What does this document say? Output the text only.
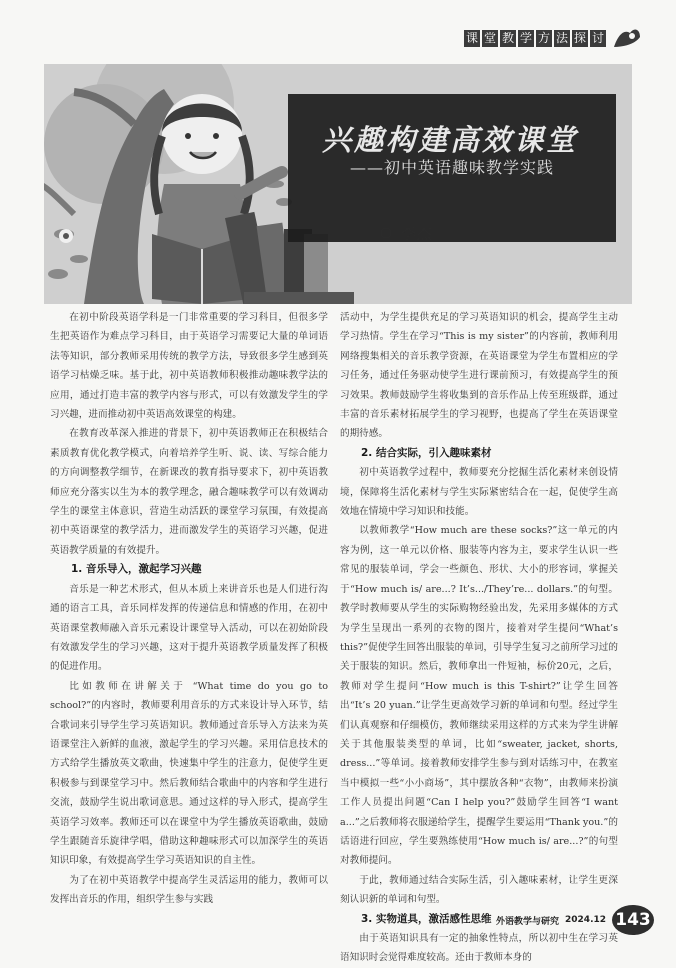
课 堂 教 学 方 法 探 讨
兴趣构建高效课堂
——初中英语趣味教学实践
李杰

在初中阶段英语学科是一门非常重要的学习科目，但很多学生把英语作为难点学习科目，由于英语学习需要记大量的单词语法等知识，部分教师采用传统的教学方法，导致很多学生感到英语学习枯燥乏味。基于此，初中英语教师积极推动趣味教学法的应用，通过打造丰富的教学内容与形式，可以有效激发学生的学习兴趣，进而推动初中英语高效课堂的构建。

在教育改革深入推进的背景下，初中英语教师正在积极结合素质教育优化教学模式，向着培养学生听、说、读、写综合能力的方向调整教学细节，在新课改的教育指导要求下，初中英语教师应充分落实以生为本的教学理念，融合趣味教学可以有效调动学生的课堂主体意识，营造生动活跃的课堂学习氛围，有效提高初中英语课堂的教学活力，进而激发学生的英语学习兴趣，促进英语教学质量的有效提升。

1. 音乐导入，激起学习兴趣

音乐是一种艺术形式，但从本质上来讲音乐也是人们进行沟通的语言工具，音乐同样发挥的传递信息和情感的作用，在初中英语课堂教师融入音乐元素设计课堂导入活动，可以在初始阶段有效激发学生的学习兴趣，这对于提升英语教学质量发挥了积极的促进作用。

比如教师在讲解关于 “What time do you go to school?”的内容时，教师要利用音乐的方式来设计导入环节，结合歌词来引导学生学习英语知识。教师通过音乐导入方法来为英语课堂注入新鲜的血液，激起学生的学习兴趣。采用信息技术的方式给学生播放英文歌曲，快速集中学生的注意力，促使学生更积极参与到课堂学习中。然后教师结合歌曲中的内容和学生进行交流，鼓励学生说出歌词意思。通过这样的导入形式，提高学生英语学习效率。教师还可以在课堂中为学生播放英语歌曲，鼓励学生跟随音乐旋律学唱，借助这种趣味形式可以加深学生的英语知识印象，有效提高学生学习英语知识的自主性。

为了在初中英语教学中提高学生灵活运用的能力，教师可以发挥出音乐的作用，组织学生参与实践

活动中，为学生提供充足的学习英语知识的机会，提高学生主动学习热情。学生在学习“This is my sister”的内容前，教师利用网络搜集相关的音乐教学资源，在英语课堂为学生布置相应的学习任务，通过任务驱动使学生进行课前预习，有效提高学生的预习效果。教师鼓励学生将收集到的音乐作品上传至班级群，通过丰富的音乐素材拓展学生的学习视野，也提高了学生在英语课堂的期待感。

2. 结合实际，引入趣味素材

初中英语教学过程中，教师要充分挖掘生活化素材来创设情境，保障将生活化素材与学生实际紧密结合在一起，促使学生高效地在情境中学习知识和技能。

以教师教学“How much are these socks?”这一单元的内容为例，这一单元以价格、服装等内容为主，要求学生认识一些常见的服装单词，学会一些颜色、形状、大小的形容词，掌握关于“How much is/ are...? It’s.../They’re... dollars.”的句型。教学时教师要从学生的实际购物经验出发，先采用多媒体的方式为学生呈现出一系列的衣物的图片，接着对学生提问“What’s this?”促使学生回答出服装的单词，引导学生复习之前所学习过的关于服装的知识。然后，教师拿出一件短袖，标价20元，之后，教师对学生提问“How much is this T-shirt?”让学生回答出“It’s 20 yuan.”让学生更高效学习新的单词和句型。经过学生们认真观察和仔细模仿，教师继续采用这样的方式来为学生讲解关于其他服装类型的单词，比如“sweater, jacket, shorts, dress...”等单词。接着教师安排学生参与到对话练习中，在教室当中模拟一些“小小商场”，其中摆放各种“衣物”，由教师来扮演工作人员提出问题“Can I help you?”鼓励学生回答“I want a...”之后教师将衣服递给学生，提醒学生要运用“Thank you.”的话语进行回应，学生要熟练使用“How much is/ are...?”的句型对教师提问。

于此，教师通过结合实际生活，引入趣味素材，让学生更深刻认识新的单词和句型。

3. 实物道具，激活感性思维

由于英语知识具有一定的抽象性特点，所以初中生在学习英语知识时会觉得难度较高。还由于教师本身的

外语教学与研究 2024.12 143
